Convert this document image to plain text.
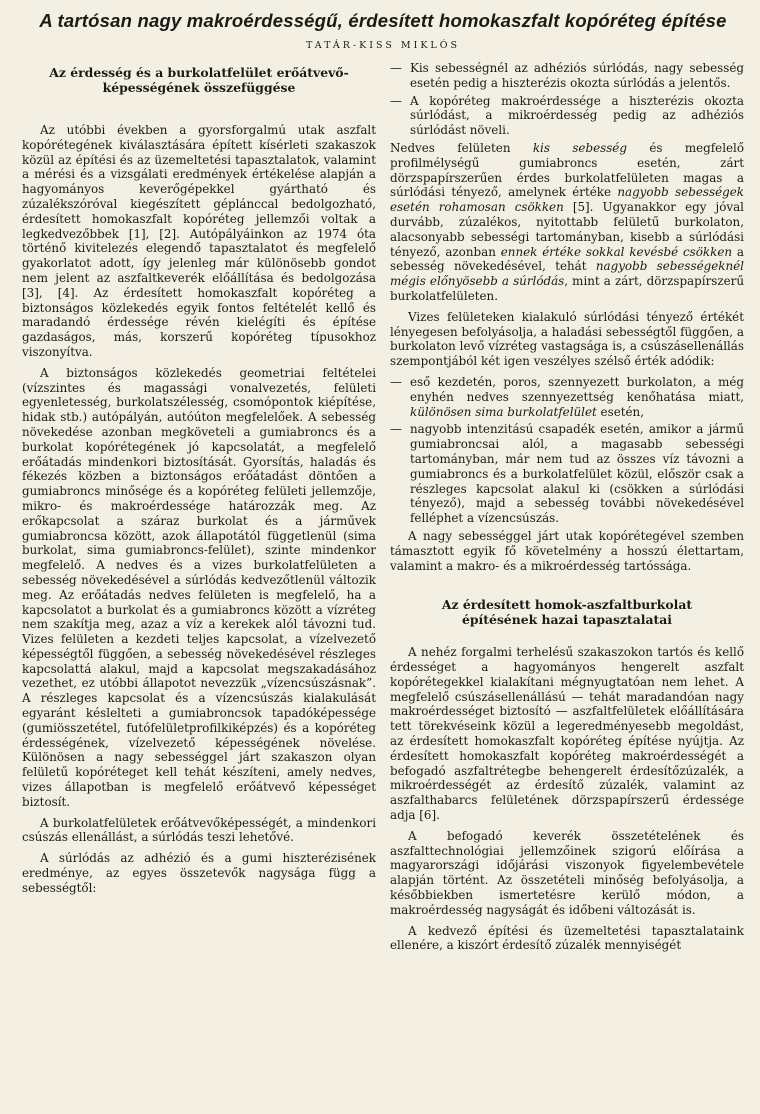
A tartósan nagy makroérdességű, érdesített homokaszfalt kopóréteg építése
TATÁR-KISS MIKLÓS
Az érdesség és a burkolatfelület erőátvevő-
képességének összefüggése

Az utóbbi években a gyorsforgalmú utak aszfalt kopórétegének kiválasztására épített kísérleti szakaszok közül az építési és az üzemeltetési tapasztalatok, valamint a mérési és a vizsgálati eredmények értékelése alapján a hagyományos keverőgépekkel gyártható és zúzalékszóróval kiegészített géplánccal bedolgozható, érdesített homokaszfalt kopóréteg jellemzői voltak a legkedvezőbbek [1], [2]. Autópályáinkon az 1974 óta történő kivitelezés elegendő tapasztalatot és megfelelő gyakorlatot adott, így jelenleg már különösebb gondot nem jelent az aszfaltkeverék előállítása és bedolgozása [3], [4]. Az érdesített homokaszfalt kopóréteg a biztonságos közlekedés egyik fontos feltételét kellő és maradandó érdessége révén kielégíti és építése gazdaságos, más, korszerű kopóréteg típusokhoz viszonyítva.

A biztonságos közlekedés geometriai feltételei (vízszintes és magassági vonalvezetés, felületi egyenletesség, burkolatszélesség, csomópontok kiépítése, hidak stb.) autópályán, autóúton megfelelőek. A sebesség növekedése azonban megköveteli a gumiabroncs és a burkolat kopórétegének jó kapcsolatát, a megfelelő erőátadás mindenkori biztosítását. Gyorsítás, haladás és fékezés közben a biztonságos erőátadást döntően a gumiabroncs minősége és a kopóréteg felületi jellemzője, mikro- és makroérdessége határozzák meg. Az erőkapcsolat a száraz burkolat és a járművek gumiabroncsa között, azok állapotától függetlenül (sima burkolat, sima gumiabroncs-felület), szinte mindenkor megfelelő. A nedves és a vizes burkolatfelületen a sebesség növekedésével a súrlódás kedvezőtlenül változik meg. Az erőátadás nedves felületen is megfelelő, ha a kapcsolatot a burkolat és a gumiabroncs között a vízréteg nem szakítja meg, azaz a víz a kerekek alól távozni tud. Vizes felületen a kezdeti teljes kapcsolat, a vízelvezető képességtől függően, a sebesség növekedésével részleges kapcsolattá alakul, majd a kapcsolat megszakadásához vezethet, ez utóbbi állapotot nevezzük „vízencsúszásnak”. A részleges kapcsolat és a vízencsúszás kialakulását egyaránt késlelteti a gumiabroncsok tapadóképessége (gumiösszetétel, futófelületprofilkiképzés) és a kopóréteg érdességének, vízelvezető képességének növelése. Különösen a nagy sebességgel járt szakaszon olyan felületű kopóréteget kell tehát készíteni, amely nedves, vizes állapotban is megfelelő erőátvevő képességet biztosít.

A burkolatfelületek erőátvevőképességét, a mindenkori csúszás ellenállást, a súrlódás teszi lehetővé.

A súrlódás az adhézió és a gumi hiszterézisének eredménye, az egyes összetevők nagysága függ a sebességtől:

— Kis sebességnél az adhéziós súrlódás, nagy sebesség esetén pedig a hiszterézis okozta súrlódás a jelentős.
— A kopóréteg makroérdessége a hiszterézis okozta súrlódást, a mikroérdesség pedig az adhéziós súrlódást növeli.

Nedves felületen kis sebesség és megfelelő profilmélységű gumiabroncs esetén, zárt dörzspapírszerűen érdes burkolatfelületen magas a súrlódási tényező, amelynek értéke nagyobb sebességek esetén rohamosan csökken [5]. Ugyanakkor egy jóval durvább, zúzalékos, nyitottabb felületű burkolaton, alacsonyabb sebességi tartományban, kisebb a súrlódási tényező, azonban ennek értéke sokkal kevésbé csökken a sebesség növekedésével, tehát nagyobb sebességeknél mégis előnyösebb a súrlódás, mint a zárt, dörzspapírszerű burkolatfelületen.

Vizes felületeken kialakuló súrlódási tényező értékét lényegesen befolyásolja, a haladási sebességtől függően, a burkolaton levő vízréteg vastagsága is, a csúszásellenállás szempontjából két igen veszélyes szélső érték adódik:

— eső kezdetén, poros, szennyezett burkolaton, a még enyhén nedves szennyezettség kenőhatása miatt, különösen sima burkolatfelület esetén,
— nagyobb intenzitású csapadék esetén, amikor a jármű gumiabroncsai alól, a magasabb sebességi tartományban, már nem tud az összes víz távozni a gumiabroncs és a burkolatfelület közül, először csak a részleges kapcsolat alakul ki (csökken a súrlódási tényező), majd a sebesség további növekedésével felléphet a vízencsúszás.

A nagy sebességgel járt utak kopórétegével szemben támasztott egyik fő követelmény a hosszú élettartam, valamint a makro- és a mikroérdesség tartóssága.

Az érdesített homok-aszfaltburkolat
építésének hazai tapasztalatai

A nehéz forgalmi terhelésű szakaszokon tartós és kellő érdességet a hagyományos hengerelt aszfalt kopórétegekkel kialakítani mégnyugtatóan nem lehet. A megfelelő csúszásellenállású — tehát maradandóan nagy makroérdességet biztosító — aszfaltfelületek előállítására tett törekvéseink közül a legeredményesebb megoldást, az érdesített homokaszfalt kopóréteg építése nyújtja. Az érdesített homokaszfalt kopóréteg makroérdességét a befogadó aszfaltrétegbe behengerelt érdesítőzúzalék, a mikroérdességét az érdesítő zúzalék, valamint az aszfalthabarcs felületének dörzspapírszerű érdessége adja [6].

A befogadó keverék összetételének és aszfalttechnológiai jellemzőinek szigorú előírása a magyarországi időjárási viszonyok figyelembevétele alapján történt. Az összetételi minőség befolyásolja, a későbbiekben ismertetésre kerülő módon, a makroérdesség nagyságát és időbeni változását is.

A kedvező építési és üzemeltetési tapasztalataink ellenére, a kiszórt érdesítő zúzalék mennyiségét
